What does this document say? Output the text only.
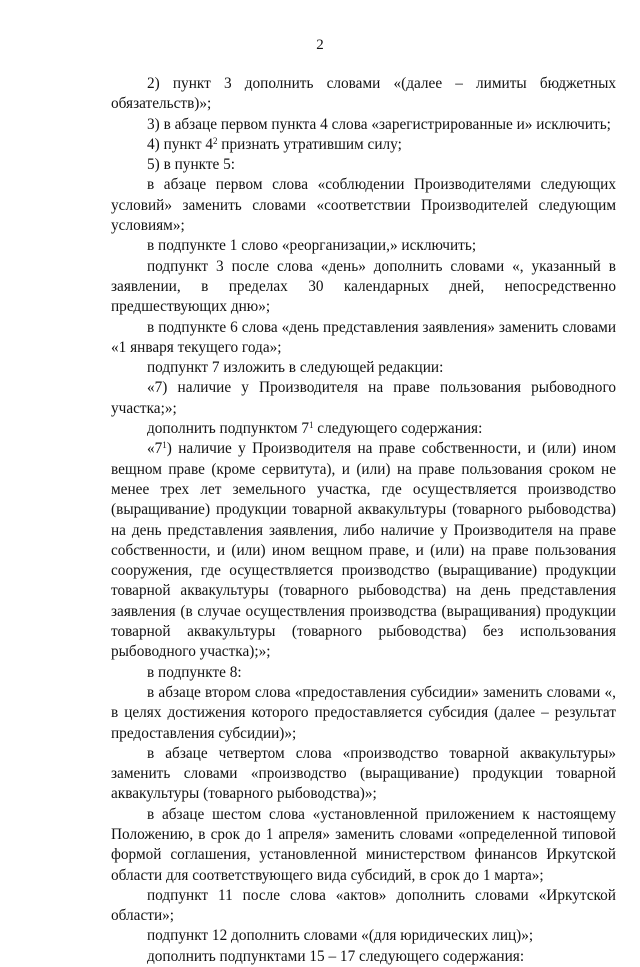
2

2) пункт 3 дополнить словами «(далее – лимиты бюджетных обязательств)»;

3) в абзаце первом пункта 4 слова «зарегистрированные и» исключить;

4) пункт $4^2$ признать утратившим силу;

5) в пункте 5:

в абзаце первом слова «соблюдении Производителями следующих условий» заменить словами «соответствии Производителей следующим условиям»;

в подпункте 1 слово «реорганизации,» исключить;

подпункт 3 после слова «день» дополнить словами «, указанный в заявлении, в пределах 30 календарных дней, непосредственно предшествующих дню»;

в подпункте 6 слова «день представления заявления» заменить словами «1 января текущего года»;

подпункт 7 изложить в следующей редакции:

«7) наличие у Производителя на праве пользования рыбоводного участка;»;

дополнить подпунктом $7^1$ следующего содержания:

«$7^1$) наличие у Производителя на праве собственности, и (или) ином вещном праве (кроме сервитута), и (или) на праве пользования сроком не менее трех лет земельного участка, где осуществляется производство (выращивание) продукции товарной аквакультуры (товарного рыбоводства) на день представления заявления, либо наличие у Производителя на праве собственности, и (или) ином вещном праве, и (или) на праве пользования сооружения, где осуществляется производство (выращивание) продукции товарной аквакультуры (товарного рыбоводства) на день представления заявления (в случае осуществления производства (выращивания) продукции товарной аквакультуры (товарного рыбоводства) без использования рыбоводного участка);»;

в подпункте 8:

в абзаце втором слова «предоставления субсидии» заменить словами «, в целях достижения которого предоставляется субсидия (далее – результат предоставления субсидии)»;

в абзаце четвертом слова «производство товарной аквакультуры» заменить словами «производство (выращивание) продукции товарной аквакультуры (товарного рыбоводства)»;

в абзаце шестом слова «установленной приложением к настоящему Положению, в срок до 1 апреля» заменить словами «определенной типовой формой соглашения, установленной министерством финансов Иркутской области для соответствующего вида субсидий, в срок до 1 марта»;

подпункт 11 после слова «актов» дополнить словами «Иркутской области»;

подпункт 12 дополнить словами «(для юридических лиц)»;

дополнить подпунктами 15 – 17 следующего содержания:
